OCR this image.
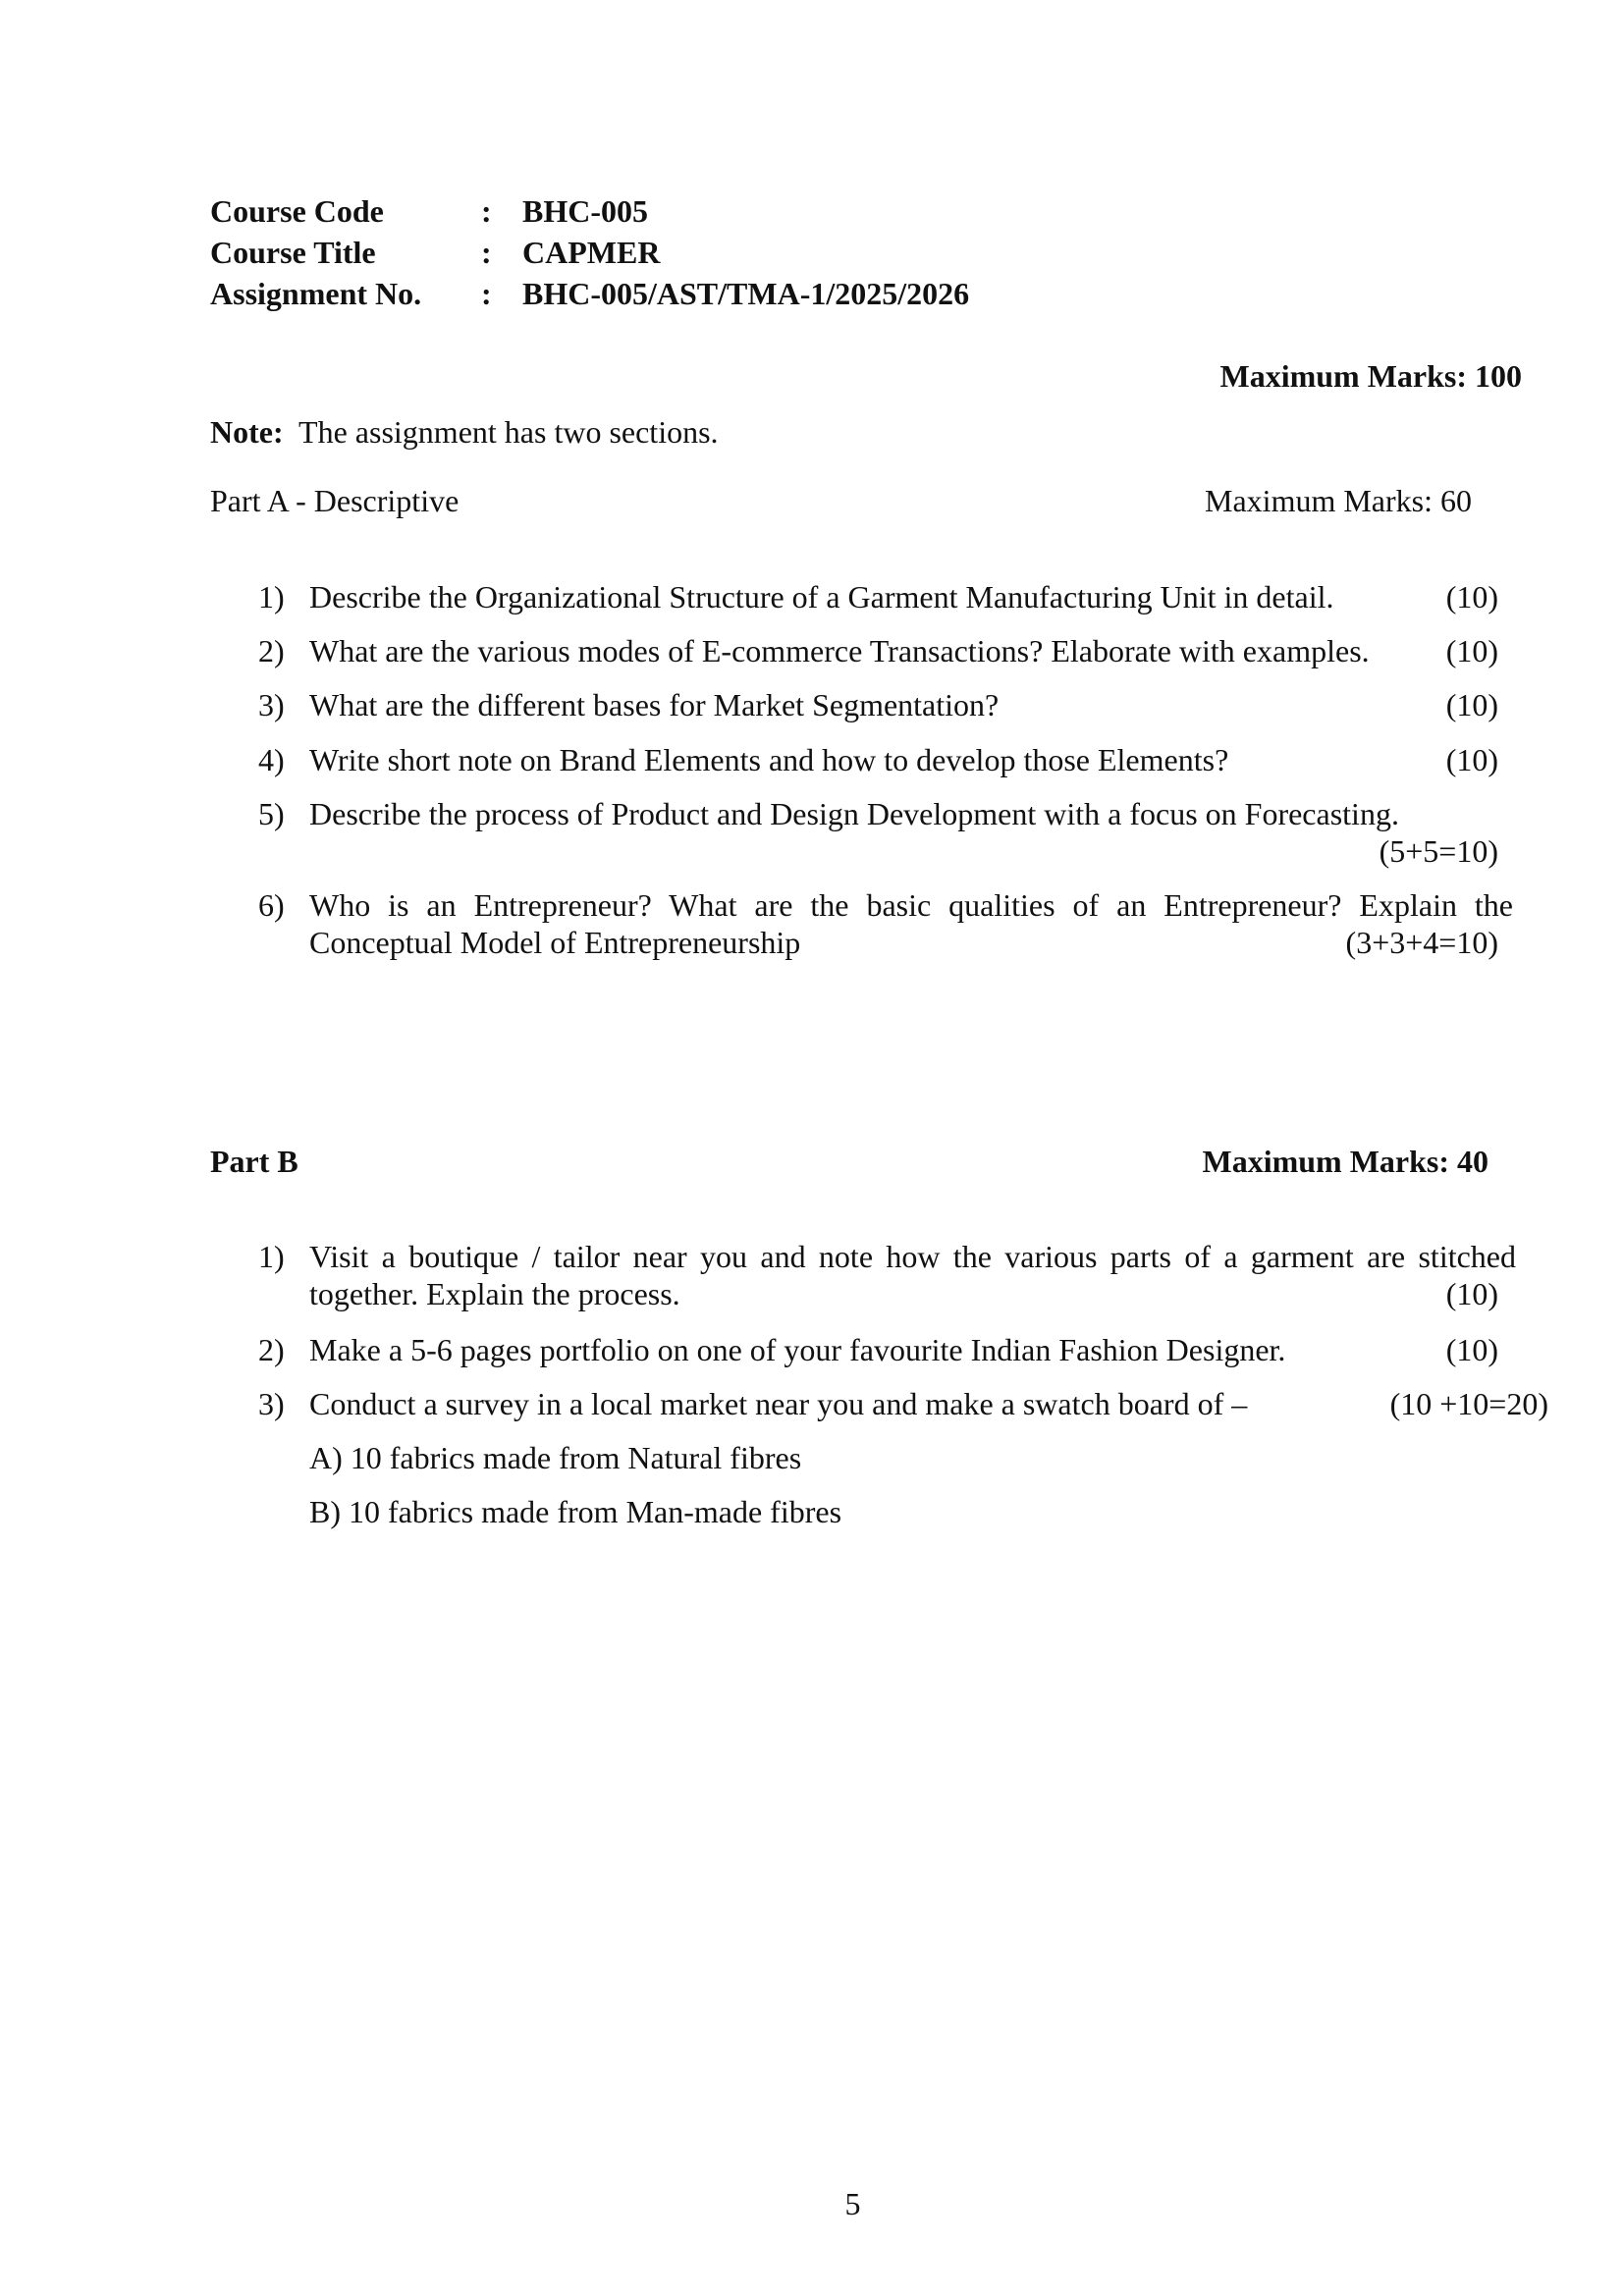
Course Code	: BHC-005
Course Title	: CAPMER
Assignment No. : BHC-005/AST/TMA-1/2025/2026
Maximum Marks: 100
Note: The assignment has two sections.
Part A - Descriptive	Maximum Marks: 60
1) Describe the Organizational Structure of a Garment Manufacturing Unit in detail.	(10)
2) What are the various modes of E-commerce Transactions? Elaborate with examples. (10)
3) What are the different bases for Market Segmentation?	(10)
4) Write short note on Brand Elements and how to develop those Elements?	(10)
5) Describe the process of Product and Design Development with a focus on Forecasting.
(5+5=10)
6) Who is an Entrepreneur? What are the basic qualities of an Entrepreneur? Explain the
Conceptual Model of Entrepreneurship	(3+3+4=10)
Part B	Maximum Marks: 40
1) Visit a boutique / tailor near you and note how the various parts of a garment are stitched
together. Explain the process.	(10)
2) Make a 5-6 pages portfolio on one of your favourite Indian Fashion Designer.	(10)
3) Conduct a survey in a local market near you and make a swatch board of –	(10 +10=20)
A) 10 fabrics made from Natural fibres
B) 10 fabrics made from Man-made fibres
5
